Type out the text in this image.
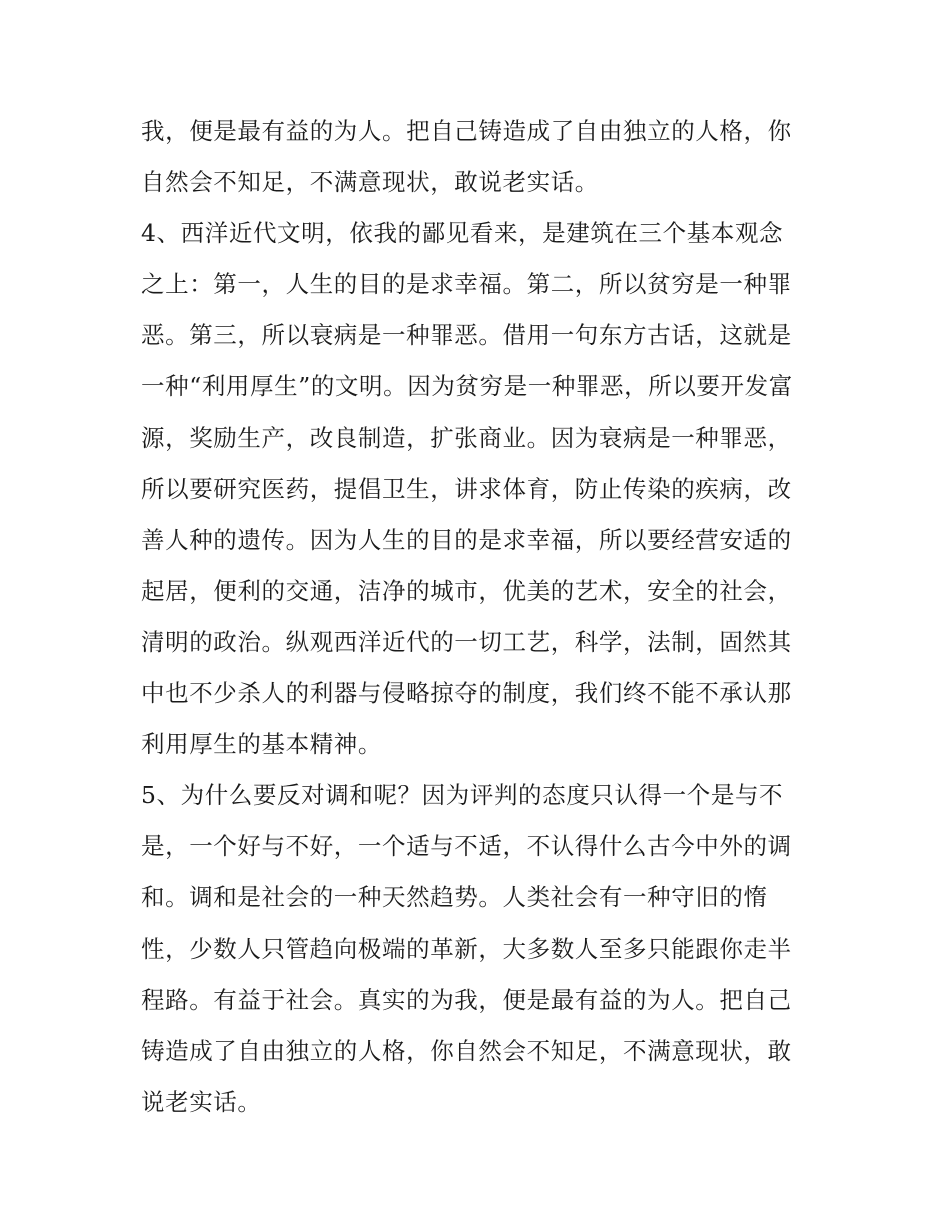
我，便是最有益的为人。把自己铸造成了自由独立的人格，你
自然会不知足，不满意现状，敢说老实话。
4、西洋近代文明，依我的鄙见看来，是建筑在三个基本观念
之上：第一，人生的目的是求幸福。第二，所以贫穷是一种罪
恶。第三，所以衰病是一种罪恶。借用一句东方古话，这就是
一种“利用厚生”的文明。因为贫穷是一种罪恶，所以要开发富
源，奖励生产，改良制造，扩张商业。因为衰病是一种罪恶，
所以要研究医药，提倡卫生，讲求体育，防止传染的疾病，改
善人种的遗传。因为人生的目的是求幸福，所以要经营安适的
起居，便利的交通，洁净的城市，优美的艺术，安全的社会，
清明的政治。纵观西洋近代的一切工艺，科学，法制，固然其
中也不少杀人的利器与侵略掠夺的制度，我们终不能不承认那
利用厚生的基本精神。
5、为什么要反对调和呢？因为评判的态度只认得一个是与不
是，一个好与不好，一个适与不适，不认得什么古今中外的调
和。调和是社会的一种天然趋势。人类社会有一种守旧的惰
性，少数人只管趋向极端的革新，大多数人至多只能跟你走半
程路。有益于社会。真实的为我，便是最有益的为人。把自己
铸造成了自由独立的人格，你自然会不知足，不满意现状，敢
说老实话。
